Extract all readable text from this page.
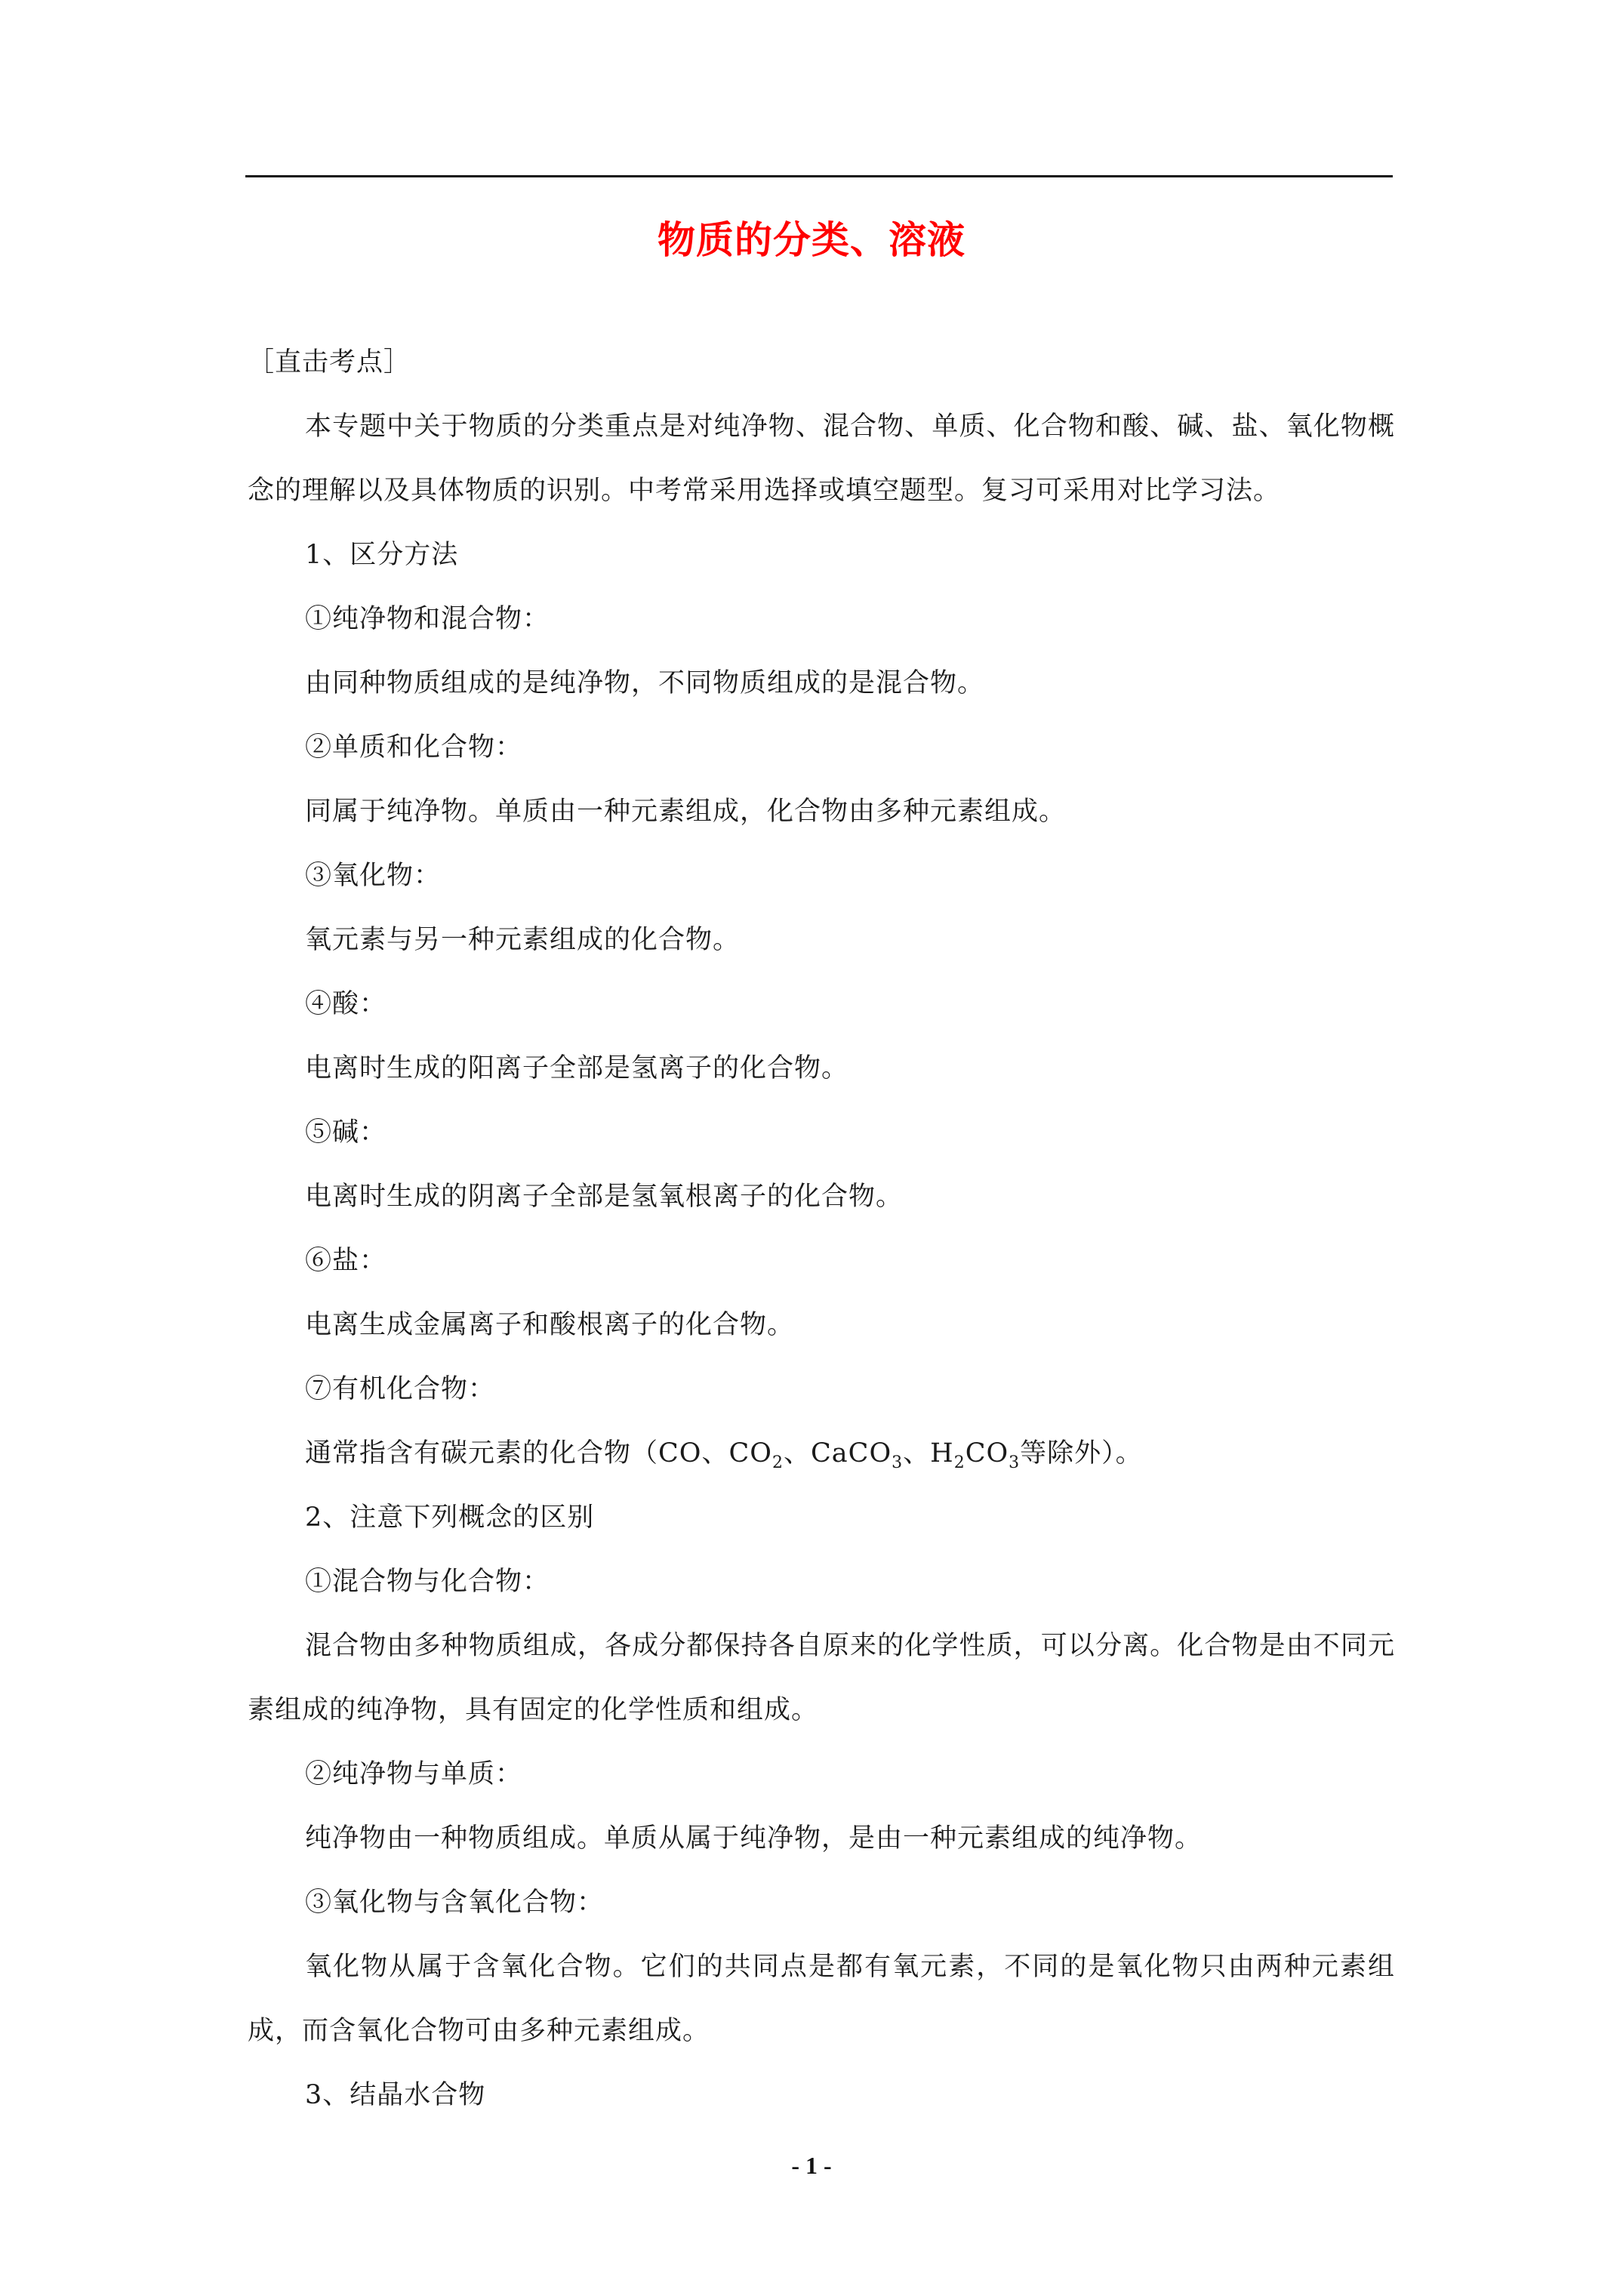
物质的分类、溶液
［直击考点］
本专题中关于物质的分类重点是对纯净物、混合物、单质、化合物和酸、碱、盐、氧化物概念的理解以及具体物质的识别。中考常采用选择或填空题型。复习可采用对比学习法。
1、区分方法
①纯净物和混合物：
由同种物质组成的是纯净物，不同物质组成的是混合物。
②单质和化合物：
同属于纯净物。单质由一种元素组成，化合物由多种元素组成。
③氧化物：
氧元素与另一种元素组成的化合物。
④酸：
电离时生成的阳离子全部是氢离子的化合物。
⑤碱：
电离时生成的阴离子全部是氢氧根离子的化合物。
⑥盐：
电离生成金属离子和酸根离子的化合物。
⑦有机化合物：
通常指含有碳元素的化合物（CO、$CO_2$、CaCO$_3$、$H_2CO_3$等除外）。
2、注意下列概念的区别
①混合物与化合物：
混合物由多种物质组成，各成分都保持各自原来的化学性质，可以分离。化合物是由不同元素组成的纯净物，具有固定的化学性质和组成。
②纯净物与单质：
纯净物由一种物质组成。单质从属于纯净物，是由一种元素组成的纯净物。
③氧化物与含氧化合物：
氧化物从属于含氧化合物。它们的共同点是都有氧元素，不同的是氧化物只由两种元素组成，而含氧化合物可由多种元素组成。
3、结晶水合物
- 1 -
